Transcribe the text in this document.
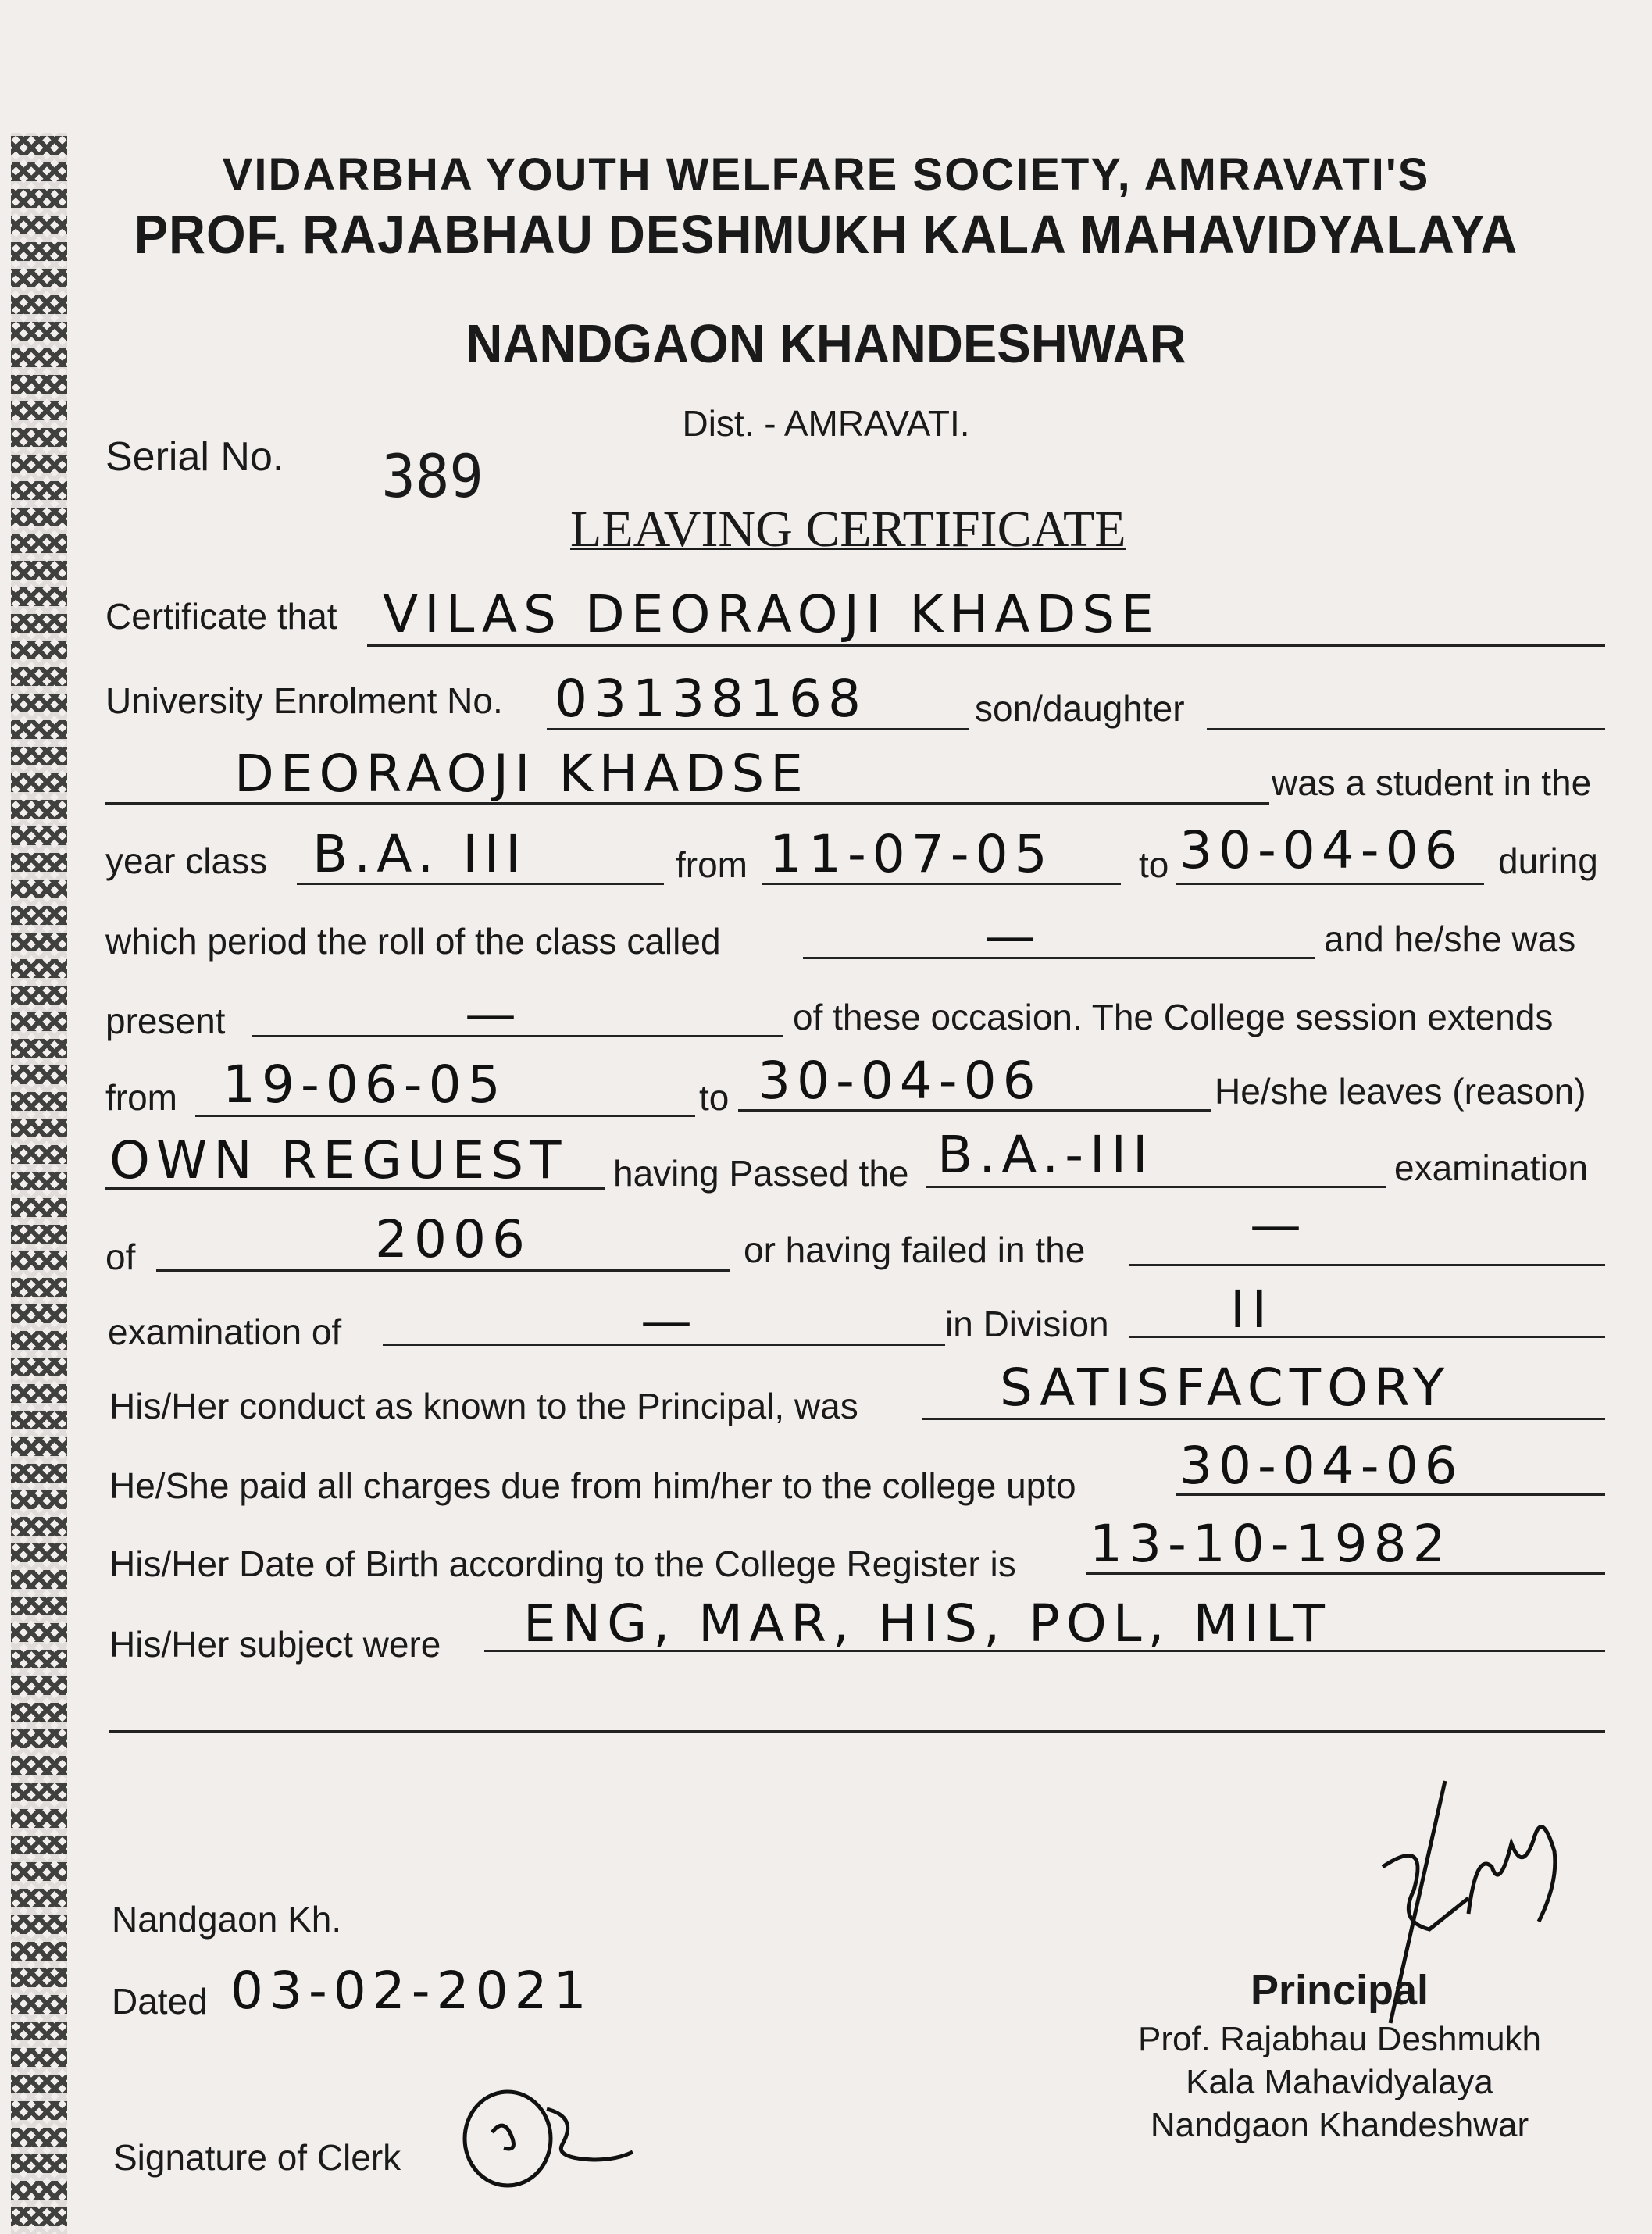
VIDARBHA YOUTH WELFARE SOCIETY, AMRAVATI'S
PROF. RAJABHAU DESHMUKH KALA MAHAVIDYALAYA
NANDGAON KHANDESHWAR
Dist. - AMRAVATI.
Serial No. 389
LEAVING CERTIFICATE
Certificate that VILAS DEORAOJI KHADSE
University Enrolment No. 03138168	son/daughter
DEORAOJI KHADSE	was a student in the
year class B.A. III	from 11-07-05 to 30-04-06 during
which period the roll of the class called	—	and he/she was
present	—	of these occasion. The College session extends
from 19-06-05	to 30-04-06	He/she leaves (reason)
OWN REGUEST having Passed the B.A.-III	examination
of	2006	or having failed in the	—
examination of	—	in Division II
His/Her conduct as known to the Principal, was	SATISFACTORY
He/She paid all charges due from him/her to the college upto 30-04-06
His/Her Date of Birth according to the College Register is 13-10-1982
His/Her subject were ENG, MAR, HIS, POL, MILT
Nandgaon Kh.
Dated 03-02-2021
Signature of Clerk
Principal
Prof. Rajabhau Deshmukh
Kala Mahavidyalaya
Nandgaon Khandeshwar
